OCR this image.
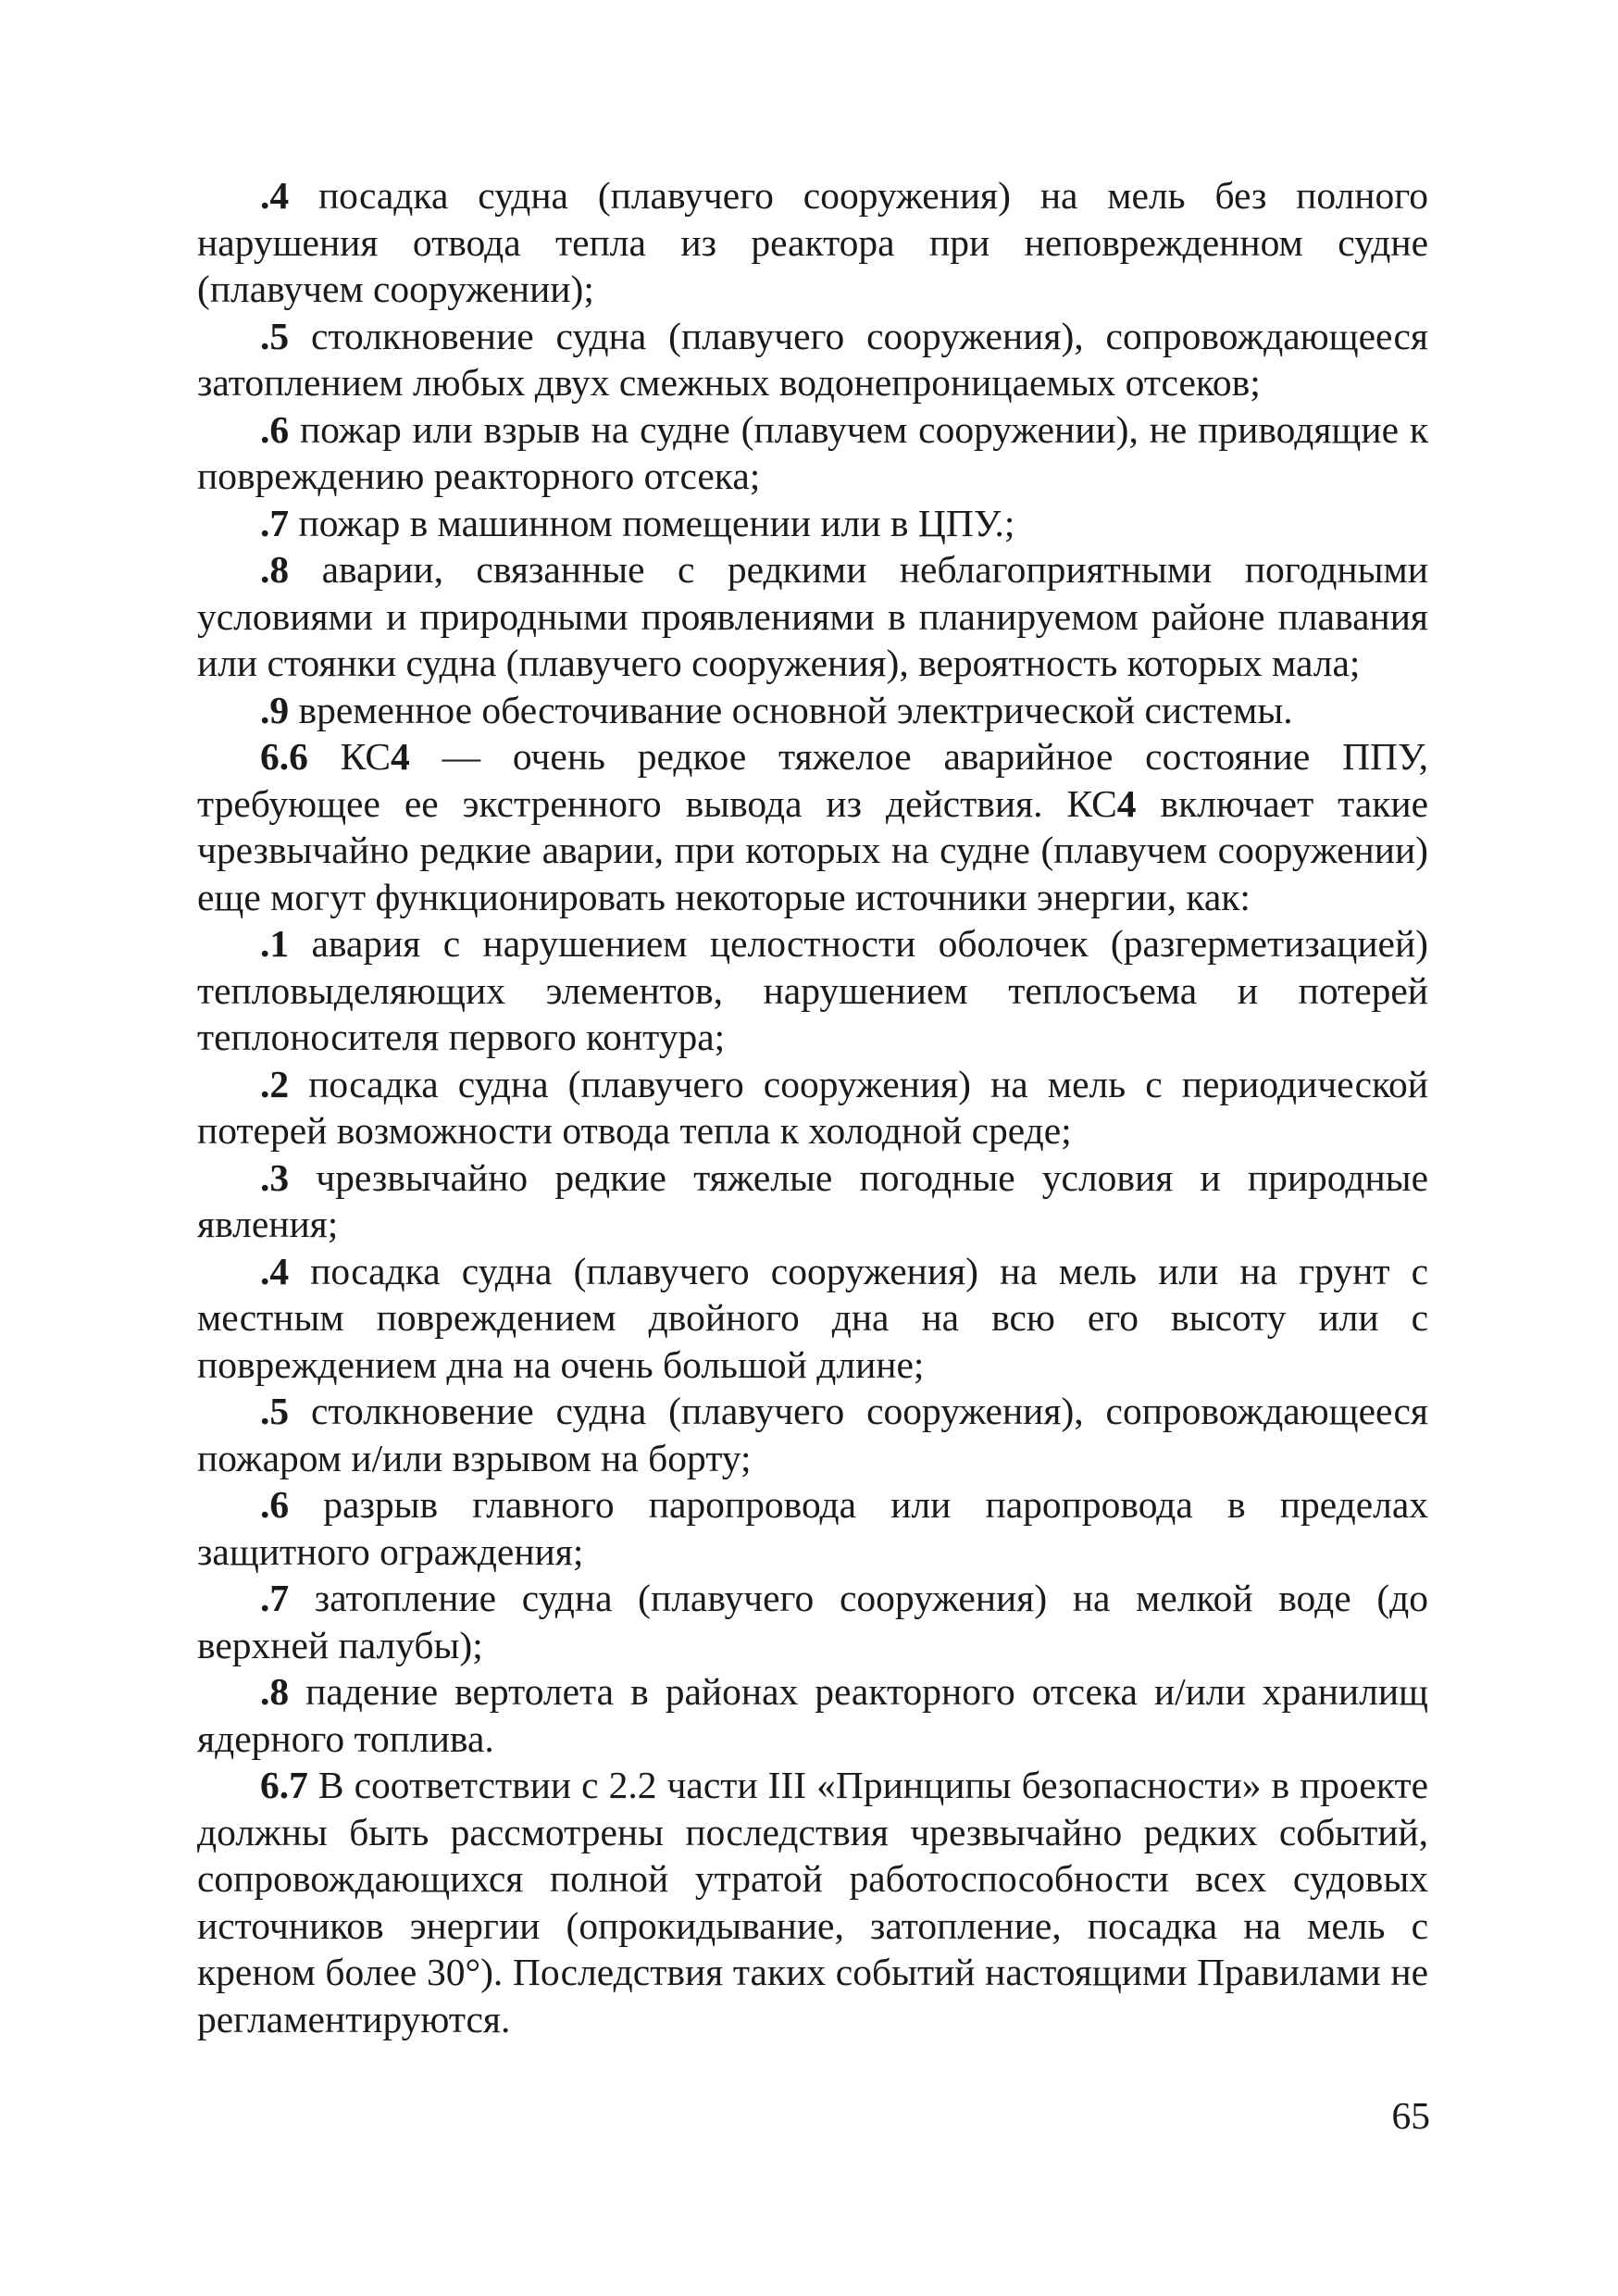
.4 посадка судна (плавучего сооружения) на мель без полного нарушения отвода тепла из реактора при неповрежденном судне (плавучем сооружении);

.5 столкновение судна (плавучего сооружения), сопровождающееся затоплением любых двух смежных водонепроницаемых отсеков;

.6 пожар или взрыв на судне (плавучем сооружении), не приводящие к повреждению реакторного отсека;

.7 пожар в машинном помещении или в ЦПУ.;

.8 аварии, связанные с редкими неблагоприятными погодными условиями и природными проявлениями в планируемом районе плавания или стоянки судна (плавучего сооружения), вероятность которых мала;

.9 временное обесточивание основной электрической системы.

6.6 КС4 — очень редкое тяжелое аварийное состояние ППУ, требующее ее экстренного вывода из действия. КС4 включает такие чрезвычайно редкие аварии, при которых на судне (плавучем сооружении) еще могут функционировать некоторые источники энергии, как:

.1 авария с нарушением целостности оболочек (разгерметизацией) тепловыделяющих элементов, нарушением теплосъема и потерей теплоносителя первого контура;

.2 посадка судна (плавучего сооружения) на мель с периодической потерей возможности отвода тепла к холодной среде;

.3 чрезвычайно редкие тяжелые погодные условия и природные явления;

.4 посадка судна (плавучего сооружения) на мель или на грунт с местным повреждением двойного дна на всю его высоту или с повреждением дна на очень большой длине;

.5 столкновение судна (плавучего сооружения), сопровождающееся пожаром и/или взрывом на борту;

.6 разрыв главного паропровода или паропровода в пределах защитного ограждения;

.7 затопление судна (плавучего сооружения) на мелкой воде (до верхней палубы);

.8 падение вертолета в районах реакторного отсека и/или хранилищ ядерного топлива.

6.7 В соответствии с 2.2 части III «Принципы безопасности» в проекте должны быть рассмотрены последствия чрезвычайно редких событий, сопровождающихся полной утратой работоспособности всех судовых источников энергии (опрокидывание, затопление, посадка на мель с креном более 30°). Последствия таких событий настоящими Правилами не регламентируются.

65
